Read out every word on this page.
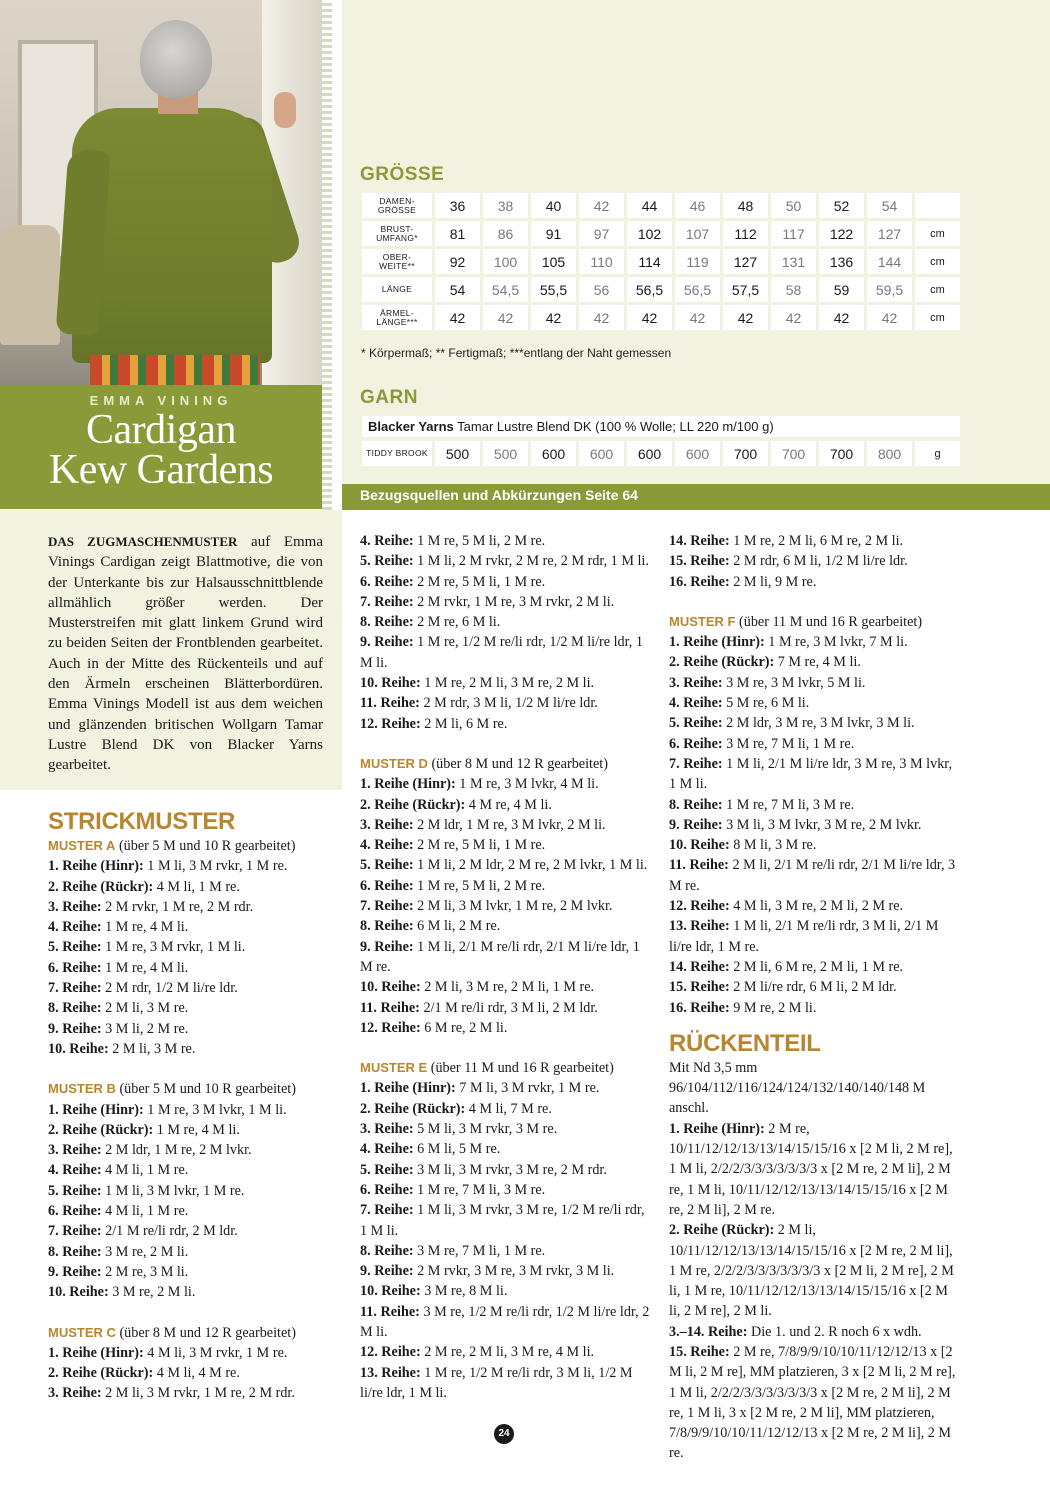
EMMA VINING
Cardigan
Kew Gardens
GRÖSSE
DAMEN-
GRÖSSE	36	38	40	42	44	46	48	50	52	54	
BRUST-
UMFANG*	81	86	91	97	102	107	112	117	122	127	cm
OBER-
WEITE**	92	100	105	110	114	119	127	131	136	144	cm
LÄNGE	54	54,5	55,5	56	56,5	56,5	57,5	58	59	59,5	cm
ÄRMEL-
LÄNGE***	42	42	42	42	42	42	42	42	42	42	cm
* Körpermaß; ** Fertigmaß; ***entlang der Naht gemessen
GARN
Blacker Yarns Tamar Lustre Blend DK (100 % Wolle; LL 220 m/100 g)
TIDDY BROOK	500	500	600	600	600	600	700	700	700	800	g
Bezugsquellen und Abkürzungen Seite 64
DAS ZUGMASCHENMUSTER auf Emma Vinings Cardigan zeigt Blattmotive, die von der Unterkante bis zur Halsausschnittblende allmählich größer werden. Der Musterstreifen mit glatt linkem Grund wird zu beiden Seiten der Frontblenden gearbeitet. Auch in der Mitte des Rückenteils und auf den Ärmeln erscheinen Blätterbordüren. Emma Vinings Modell ist aus dem weichen und glänzenden britischen Wollgarn Tamar Lustre Blend DK von Blacker Yarns gearbeitet.
STRICKMUSTER
MUSTER A (über 5 M und 10 R gearbeitet)

1. Reihe (Hinr): 1 M li, 3 M rvkr, 1 M re.

2. Reihe (Rückr): 4 M li, 1 M re.

3. Reihe: 2 M rvkr, 1 M re, 2 M rdr.

4. Reihe: 1 M re, 4 M li.

5. Reihe: 1 M re, 3 M rvkr, 1 M li.

6. Reihe: 1 M re, 4 M li.

7. Reihe: 2 M rdr, 1/2 M li/re ldr.

8. Reihe: 2 M li, 3 M re.

9. Reihe: 3 M li, 2 M re.

10. Reihe: 2 M li, 3 M re.

MUSTER B (über 5 M und 10 R gearbeitet)

1. Reihe (Hinr): 1 M re, 3 M lvkr, 1 M li.

2. Reihe (Rückr): 1 M re, 4 M li.

3. Reihe: 2 M ldr, 1 M re, 2 M lvkr.

4. Reihe: 4 M li, 1 M re.

5. Reihe: 1 M li, 3 M lvkr, 1 M re.

6. Reihe: 4 M li, 1 M re.

7. Reihe: 2/1 M re/li rdr, 2 M ldr.

8. Reihe: 3 M re, 2 M li.

9. Reihe: 2 M re, 3 M li.

10. Reihe: 3 M re, 2 M li.

MUSTER C (über 8 M und 12 R gearbeitet)

1. Reihe (Hinr): 4 M li, 3 M rvkr, 1 M re.

2. Reihe (Rückr): 4 M li, 4 M re.

3. Reihe: 2 M li, 3 M rvkr, 1 M re, 2 M rdr.

4. Reihe: 1 M re, 5 M li, 2 M re.

5. Reihe: 1 M li, 2 M rvkr, 2 M re, 2 M rdr, 1 M li.

6. Reihe: 2 M re, 5 M li, 1 M re.

7. Reihe: 2 M rvkr, 1 M re, 3 M rvkr, 2 M li.

8. Reihe: 2 M re, 6 M li.

9. Reihe: 1 M re, 1/2 M re/li rdr, 1/2 M li/re ldr, 1 M li.

10. Reihe: 1 M re, 2 M li, 3 M re, 2 M li.

11. Reihe: 2 M rdr, 3 M li, 1/2 M li/re ldr.

12. Reihe: 2 M li, 6 M re.

MUSTER D (über 8 M und 12 R gearbeitet)

1. Reihe (Hinr): 1 M re, 3 M lvkr, 4 M li.

2. Reihe (Rückr): 4 M re, 4 M li.

3. Reihe: 2 M ldr, 1 M re, 3 M lvkr, 2 M li.

4. Reihe: 2 M re, 5 M li, 1 M re.

5. Reihe: 1 M li, 2 M ldr, 2 M re, 2 M lvkr, 1 M li.

6. Reihe: 1 M re, 5 M li, 2 M re.

7. Reihe: 2 M li, 3 M lvkr, 1 M re, 2 M lvkr.

8. Reihe: 6 M li, 2 M re.

9. Reihe: 1 M li, 2/1 M re/li rdr, 2/1 M li/re ldr, 1 M re.

10. Reihe: 2 M li, 3 M re, 2 M li, 1 M re.

11. Reihe: 2/1 M re/li rdr, 3 M li, 2 M ldr.

12. Reihe: 6 M re, 2 M li.

MUSTER E (über 11 M und 16 R gearbeitet)

1. Reihe (Hinr): 7 M li, 3 M rvkr, 1 M re.

2. Reihe (Rückr): 4 M li, 7 M re.

3. Reihe: 5 M li, 3 M rvkr, 3 M re.

4. Reihe: 6 M li, 5 M re.

5. Reihe: 3 M li, 3 M rvkr, 3 M re, 2 M rdr.

6. Reihe: 1 M re, 7 M li, 3 M re.

7. Reihe: 1 M li, 3 M rvkr, 3 M re, 1/2 M re/li rdr, 1 M li.

8. Reihe: 3 M re, 7 M li, 1 M re.

9. Reihe: 2 M rvkr, 3 M re, 3 M rvkr, 3 M li.

10. Reihe: 3 M re, 8 M li.

11. Reihe: 3 M re, 1/2 M re/li rdr, 1/2 M li/re ldr, 2 M li.

12. Reihe: 2 M re, 2 M li, 3 M re, 4 M li.

13. Reihe: 1 M re, 1/2 M re/li rdr, 3 M li, 1/2 M li/re ldr, 1 M li.

14. Reihe: 1 M re, 2 M li, 6 M re, 2 M li.

15. Reihe: 2 M rdr, 6 M li, 1/2 M li/re ldr.

16. Reihe: 2 M li, 9 M re.

MUSTER F (über 11 M und 16 R gearbeitet)

1. Reihe (Hinr): 1 M re, 3 M lvkr, 7 M li.

2. Reihe (Rückr): 7 M re, 4 M li.

3. Reihe: 3 M re, 3 M lvkr, 5 M li.

4. Reihe: 5 M re, 6 M li.

5. Reihe: 2 M ldr, 3 M re, 3 M lvkr, 3 M li.

6. Reihe: 3 M re, 7 M li, 1 M re.

7. Reihe: 1 M li, 2/1 M li/re ldr, 3 M re, 3 M lvkr, 1 M li.

8. Reihe: 1 M re, 7 M li, 3 M re.

9. Reihe: 3 M li, 3 M lvkr, 3 M re, 2 M lvkr.

10. Reihe: 8 M li, 3 M re.

11. Reihe: 2 M li, 2/1 M re/li rdr, 2/1 M li/re ldr, 3 M re.

12. Reihe: 4 M li, 3 M re, 2 M li, 2 M re.

13. Reihe: 1 M li, 2/1 M re/li rdr, 3 M li, 2/1 M li/re ldr, 1 M re.

14. Reihe: 2 M li, 6 M re, 2 M li, 1 M re.

15. Reihe: 2 M li/re rdr, 6 M li, 2 M ldr.

16. Reihe: 9 M re, 2 M li.

RÜCKENTEIL

Mit Nd 3,5 mm 96/104/112/116/124/124/132/140/140/148 M anschl.

1. Reihe (Hinr): 2 M re, 10/11/12/12/13/13/14/15/15/16 x [2 M li, 2 M re], 1 M li, 2/2/2/3/3/3/3/3/3/3 x [2 M re, 2 M li], 2 M re, 1 M li, 10/11/12/12/13/13/14/15/15/16 x [2 M re, 2 M li], 2 M re.

2. Reihe (Rückr): 2 M li, 10/11/12/12/13/13/14/15/15/16 x [2 M re, 2 M li], 1 M re, 2/2/2/3/3/3/3/3/3/3 x [2 M li, 2 M re], 2 M li, 1 M re, 10/11/12/12/13/13/14/15/15/16 x [2 M li, 2 M re], 2 M li.

3.–14. Reihe: Die 1. und 2. R noch 6 x wdh.

15. Reihe: 2 M re, 7/8/9/9/10/10/11/12/12/13 x [2 M li, 2 M re], MM platzieren, 3 x [2 M li, 2 M re], 1 M li, 2/2/2/3/3/3/3/3/3/3 x [2 M re, 2 M li], 2 M re, 1 M li, 3 x [2 M re, 2 M li], MM platzieren, 7/8/9/9/10/10/11/12/12/13 x [2 M re, 2 M li], 2 M re.

24
